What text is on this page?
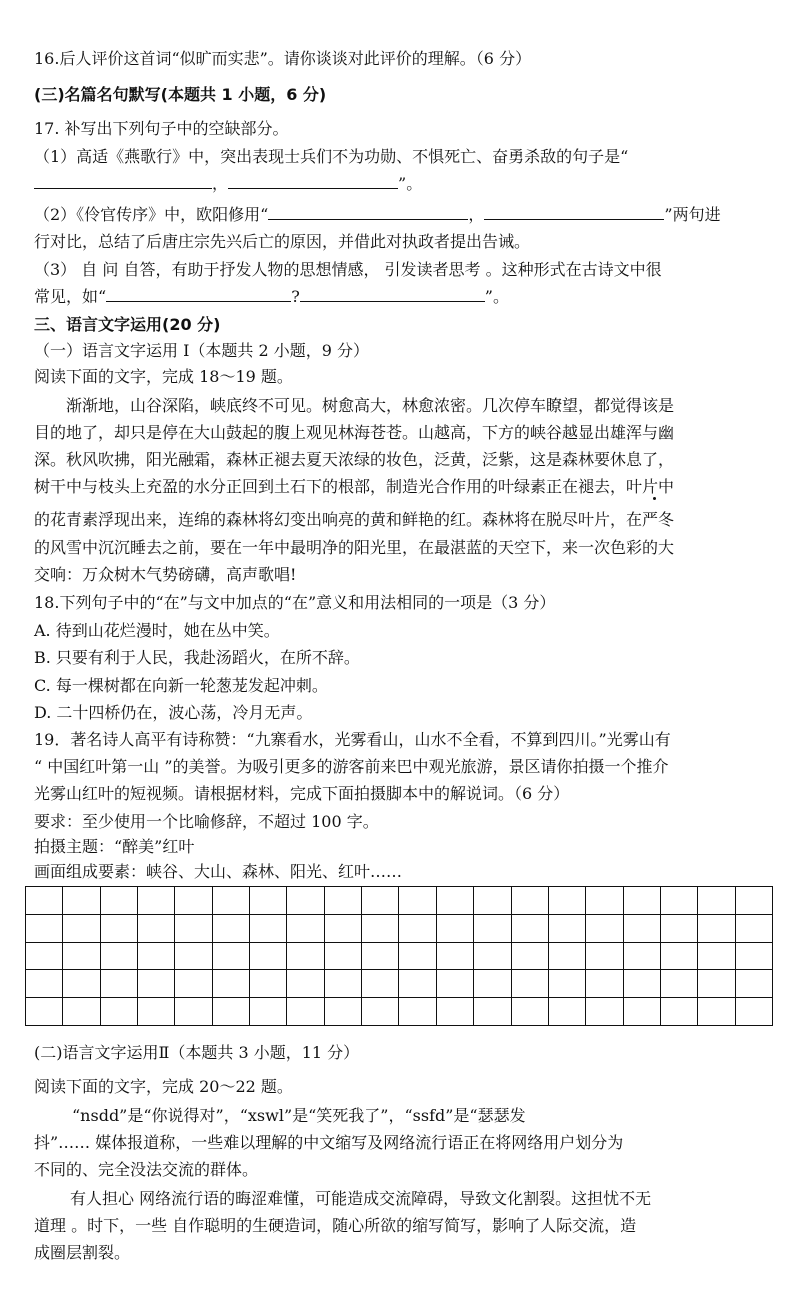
16.后人评价这首词“似旷而实悲”。请你谈谈对此评价的理解。（6 分）
(三)名篇名句默写(本题共 1 小题，6 分)
17. 补写出下列句子中的空缺部分。
（1）高适《燕歌行》中，突出表现士兵们不为功勋、不惧死亡、奋勇杀敌的句子是“
，	”。
（2）《伶官传序》中，欧阳修用“	，	”两句进
行对比，总结了后唐庄宗先兴后亡的原因，并借此对执政者提出告诫。
（3） 自 问 自答，有助于抒发人物的思想情感， 引发读者思考 。这种形式在古诗文中很
常见，如“	?	”。
三、语言文字运用(20 分)
（一）语言文字运用 I（本题共 2 小题，9 分）
阅读下面的文字，完成 18～19 题。
渐渐地，山谷深陷，峡底终不可见。树愈高大，林愈浓密。几次停车瞭望，都觉得该是
目的地了，却只是停在大山鼓起的腹上观见林海苍苍。山越高，下方的峡谷越显出雄浑与幽
深。秋风吹拂，阳光融霜，森林正褪去夏天浓绿的妆色，泛黄，泛紫，这是森林要休息了，
树干中与枝头上充盈的水分正回到土石下的根部，制造光合作用的叶绿素正在褪去，叶片中
的花青素浮现出来，连绵的森林将幻变出响亮的黄和鲜艳的红。森林将在脱尽叶片，在严冬
的风雪中沉沉睡去之前，要在一年中最明净的阳光里，在最湛蓝的天空下，来一次色彩的大
交响：万众树木气势磅礴，高声歌唱!
18.下列句子中的“在”与文中加点的“在”意义和用法相同的一项是（3 分）
A. 待到山花烂漫时，她在丛中笑。
B. 只要有利于人民，我赴汤蹈火，在所不辞。
C. 每一棵树都在向新一轮葱茏发起冲刺。
D. 二十四桥仍在，波心荡，冷月无声。
19．著名诗人高平有诗称赞：“九寨看水，光雾看山，山水不全看，不算到四川。”光雾山有
“ 中国红叶第一山 ”的美誉。为吸引更多的游客前来巴中观光旅游，景区请你拍摄一个推介
光雾山红叶的短视频。请根据材料，完成下面拍摄脚本中的解说词。（6 分）
要求：至少使用一个比喻修辞，不超过 100 字。
拍摄主题：“醉美”红叶
画面组成要素：峡谷、大山、森林、阳光、红叶……
(二)语言文字运用Ⅱ（本题共 3 小题，11 分）
阅读下面的文字，完成 20～22 题。
“nsdd”是“你说得对”，“xswl”是“笑死我了”，“ssfd”是“瑟瑟发
抖”…… 媒体报道称，一些难以理解的中文缩写及网络流行语正在将网络用户划分为
不同的、完全没法交流的群体。
有人担心 网络流行语的晦涩难懂，可能造成交流障碍，导致文化割裂。这担忧不无
道理 。时下，一些 自作聪明的生硬造词，随心所欲的缩写简写，影响了人际交流，造
成圈层割裂。
